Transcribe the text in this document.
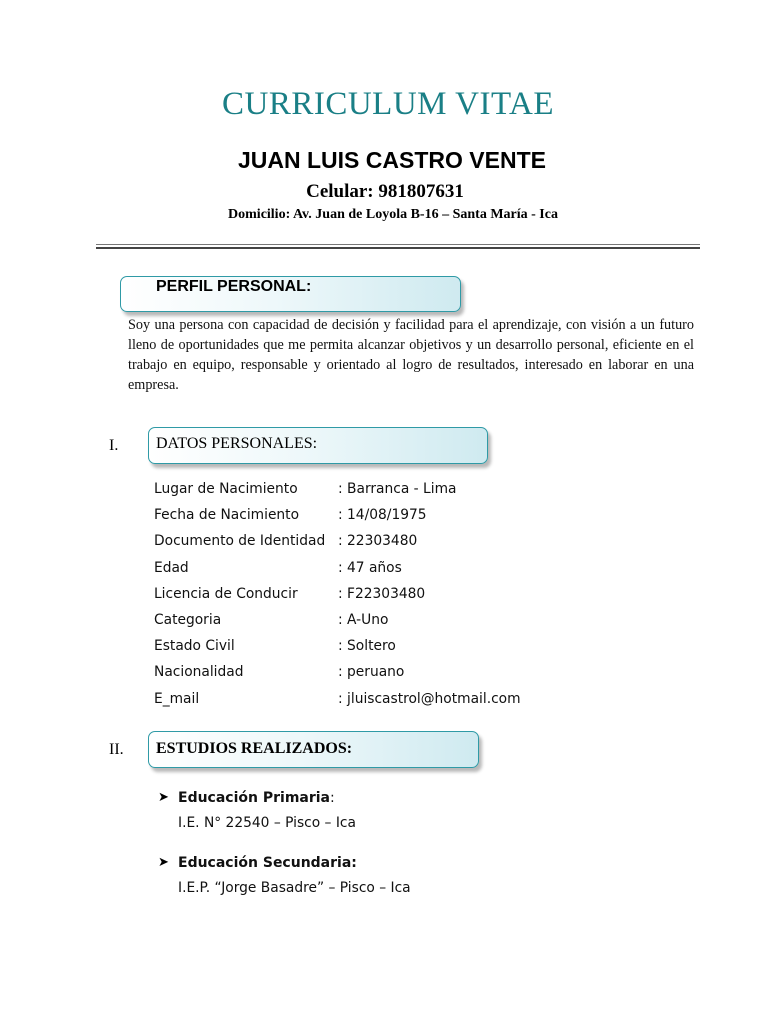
CURRICULUM VITAE
JUAN LUIS CASTRO VENTE
Celular: 981807631
Domicilio: Av. Juan de Loyola B-16 – Santa María - Ica
PERFIL PERSONAL:

Soy una persona con capacidad de decisión y facilidad para el aprendizaje, con visión a un futuro lleno de oportunidades que me permita alcanzar objetivos y un desarrollo personal, eficiente en el trabajo en equipo, responsable y orientado al logro de resultados, interesado en laborar en una empresa.

I. DATOS PERSONALES:
Lugar de Nacimiento	: Barranca - Lima
Fecha de Nacimiento	: 14/08/1975
Documento de Identidad : 22303480
Edad	: 47 años
Licencia de Conducir	: F22303480
Categoria	: A-Uno
Estado Civil	: Soltero
Nacionalidad	: peruano
E_mail	: jluiscastrol@hotmail.com
II. ESTUDIOS REALIZADOS:
➤ Educación Primaria :
I.E. N° 22540 – Pisco – Ica
➤ Educación Secundaria:
I.E.P. “Jorge Basadre” – Pisco – Ica
